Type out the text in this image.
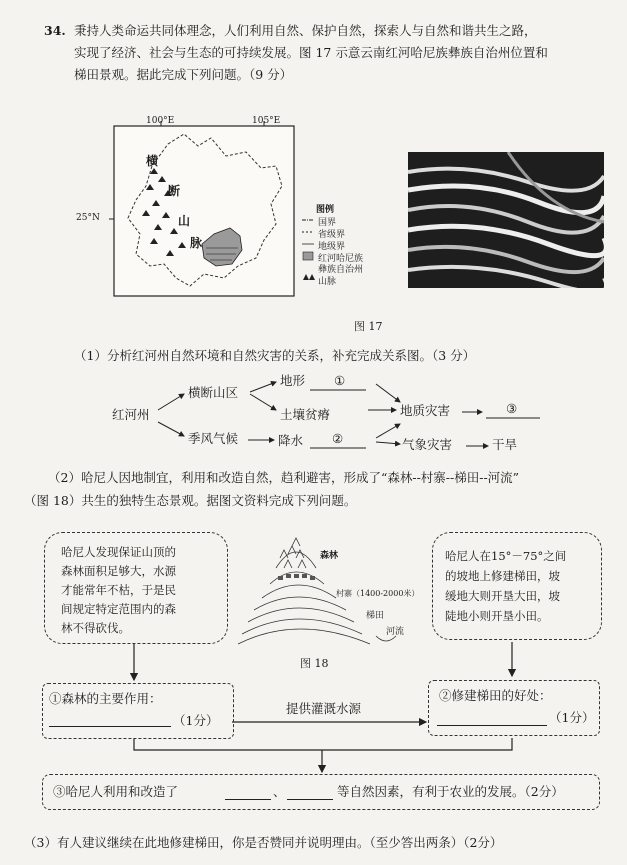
34. 秉持人类命运共同体理念，人们利用自然、保护自然，探索人与自然和谐共生之路，
实现了经济、社会与生态的可持续发展。图 17 示意云南红河哈尼族彝族自治州位置和
梯田景观。据此完成下列问题。（9 分）
100°E	105°E
25°N
横
断
山
脉
图例
国界
省级界
地级界
红河哈尼族
彝族自治州
山脉
图 17
（1）分析红河州自然环境和自然灾害的关系，补充完成关系图。（3 分）
红河州
横断山区
季风气候
地形 ①
土壤贫瘠
降水 ②
地质灾害	③
气象灾害	干旱
（2）哈尼人因地制宜，利用和改造自然，趋利避害，形成了“森林--村寨--梯田--河流”
（图 18）共生的独特生态景观。据图文资料完成下列问题。
哈尼人发现保证山顶的
森林面积足够大，水源
才能常年不枯，于是民
间规定特定范围内的森
林不得砍伐。
森林
村寨（1400-2000米）
梯田
河流
图 18
哈尼人在15°－75°之间
的坡地上修建梯田，坡
缓地大则开垦大田，坡
陡地小则开垦小田。
①森林的主要作用：
（1分）
提供灌溉水源
②修建梯田的好处：
（1分）
③哈尼人利用和改造了	、	等自然因素，有利于农业的发展。（2分）
（3）有人建议继续在此地修建梯田，你是否赞同并说明理由。（至少答出两条）（2分）
